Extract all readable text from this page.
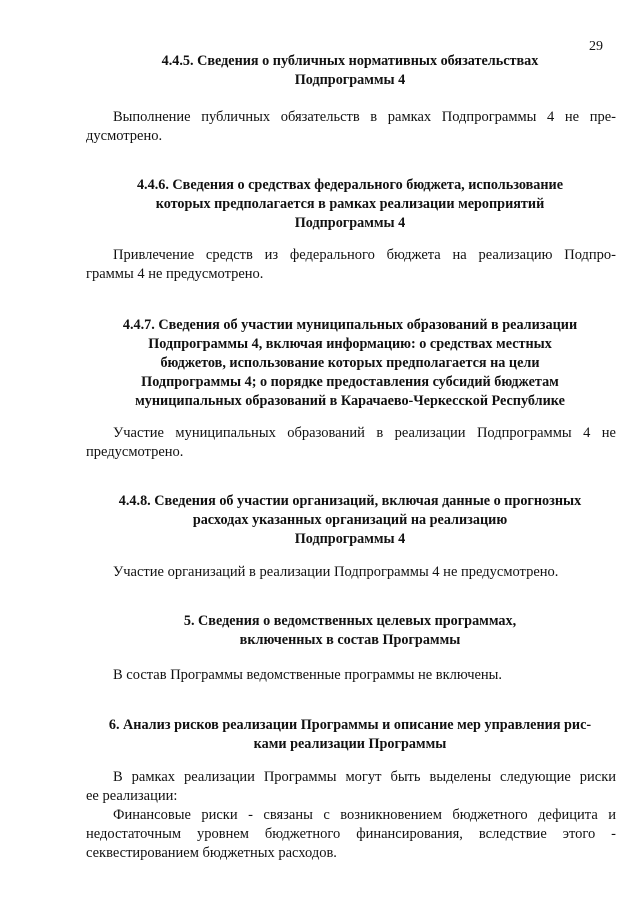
29
4.4.5. Сведения о публичных нормативных обязательствах
Подпрограммы 4
Выполнение публичных обязательств в рамках Подпрограммы 4 не пре-
дусмотрено.
4.4.6. Сведения о средствах федерального бюджета, использование
которых предполагается в рамках реализации мероприятий
Подпрограммы 4
Привлечение средств из федерального бюджета на реализацию Подпро-
граммы 4 не предусмотрено.
4.4.7. Сведения об участии муниципальных образований в реализации
Подпрограммы 4, включая информацию: о средствах местных
бюджетов, использование которых предполагается на цели
Подпрограммы 4; о порядке предоставления субсидий бюджетам
муниципальных образований в Карачаево-Черкесской Республике
Участие муниципальных образований в реализации Подпрограммы 4 не
предусмотрено.
4.4.8. Сведения об участии организаций, включая данные о прогнозных
расходах указанных организаций на реализацию
Подпрограммы 4
Участие организаций в реализации Подпрограммы 4 не предусмотрено.
5. Сведения о ведомственных целевых программах,
включенных в состав Программы
В состав Программы ведомственные программы не включены.
6. Анализ рисков реализации Программы и описание мер управления рис-
ками реализации Программы
В рамках реализации Программы могут быть выделены следующие риски
ее реализации:
Финансовые риски - связаны с возникновением бюджетного дефицита и
недостаточным уровнем бюджетного финансирования, вследствие этого -
секвестированием бюджетных расходов.
